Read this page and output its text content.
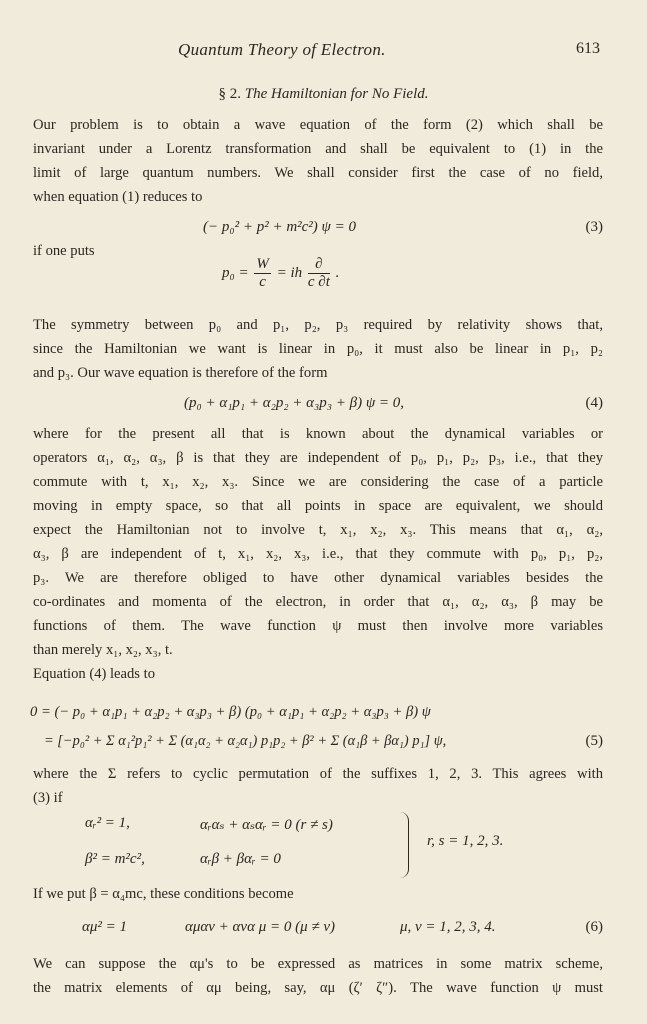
Quantum Theory of Electron.	613
§ 2. The Hamiltonian for No Field.
Our problem is to obtain a wave equation of the form (2) which shall be
invariant under a Lorentz transformation and shall be equivalent to (1) in the
limit of large quantum numbers. We shall consider first the case of no field,
when equation (1) reduces to
(− p₀² + p² + m²c²) ψ = 0	(3)
if one puts
$p_0 = \frac{W}{c}$ = ih $\frac{\partial}{c \partial t}$ .
The symmetry between p₀ and p₁, p₂, p₃ required by relativity shows that,
since the Hamiltonian we want is linear in p₀, it must also be linear in p₁, p₂
and p₃. Our wave equation is therefore of the form
(p₀ + α₁p₁ + α₂p₂ + α₃p₃ + β) ψ = 0,	(4)
where for the present all that is known about the dynamical variables or
operators α₁, α₂, α₃, β is that they are independent of p₀, p₁, p₂, p₃, i.e., that they
commute with t, x₁, x₂, x₃. Since we are considering the case of a particle
moving in empty space, so that all points in space are equivalent, we should
expect the Hamiltonian not to involve t, x₁, x₂, x₃. This means that α₁, α₂,
α₃, β are independent of t, x₁, x₂, x₃, i.e., that they commute with p₀, p₁, p₂,
p₃. We are therefore obliged to have other dynamical variables besides the
co-ordinates and momenta of the electron, in order that α₁, α₂, α₃, β may be
functions of them. The wave function ψ must then involve more variables
than merely x₁, x₂, x₃, t.
Equation (4) leads to
0 = (− p₀ + α₁p₁ + α₂p₂ + α₃p₃ + β) (p₀ + α₁p₁ + α₂p₂ + α₃p₃ + β) ψ
= [−p₀² + Σ α₁²p₁² + Σ (α₁α₂ + α₂α₁) p₁p₂ + β² + Σ (α₁β + βα₁) p₁] ψ,	(5)
where the Σ refers to cyclic permutation of the suffixes 1, 2, 3. This agrees with
(3) if
αᵣ² = 1,	αᵣαₛ + αₛαᵣ = 0 (r ≠ s)
β² = m²c²,	αᵣβ + βαᵣ = 0
r, s = 1, 2, 3.
If we put β = α₄mc, these conditions become
αμ² = 1	αμαν + ανα μ = 0 (μ ≠ ν)	μ, ν = 1, 2, 3, 4.	(6)
We can suppose the αμ's to be expressed as matrices in some matrix scheme,
the matrix elements of αμ being, say, αμ (ζ′ ζ″). The wave function ψ must
